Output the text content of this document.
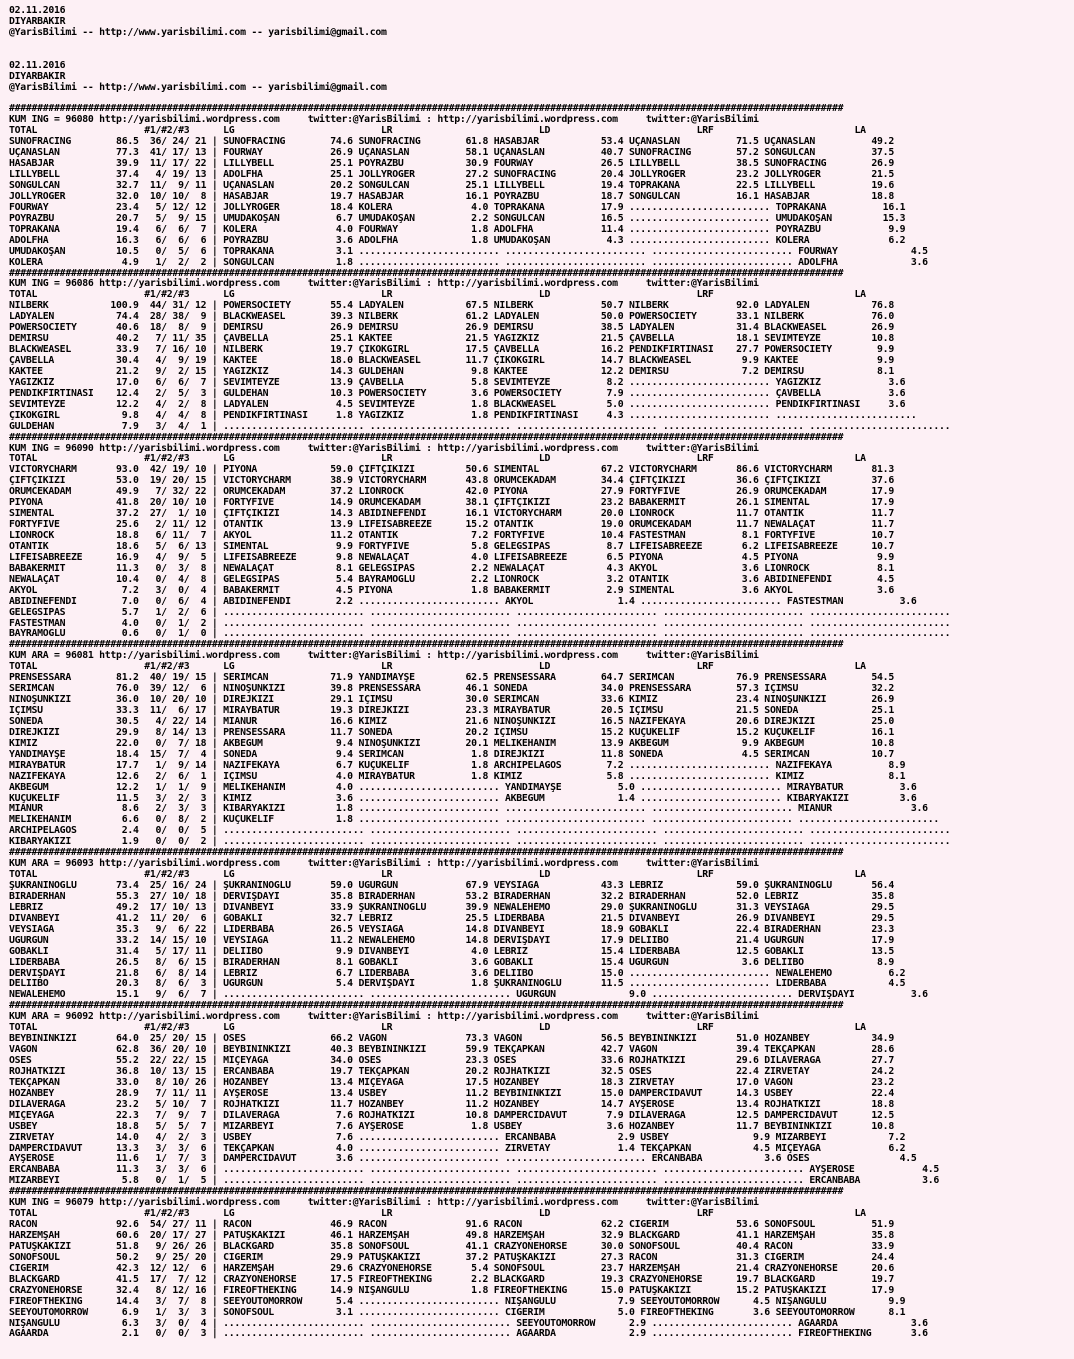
02.11.2016
DIYARBAKIR
@YarisBilimi -- http://www.yarisbilimi.com -- yarisbilimi@gmail.com

02.11.2016
DIYARBAKIR
@YarisBilimi -- http://www.yarisbilimi.com -- yarisbilimi@gmail.com

####################################################################################################################################################
KUM ING = 96080 http://yarisbilimi.wordpress.com     twitter:@YarisBilimi : http://yarisbilimi.wordpress.com     twitter:@YarisBilimi
TOTAL                   #1/#2/#3      LG                          LR                          LD                          LRF                         LA
SUNOFRACING        86.5  36/ 24/ 21 | SUNOFRACING        74.6 SUNOFRACING        61.8 HASABJAR           53.4 UÇANASLAN          71.5 UÇANASLAN          49.2
UÇANASLAN          77.3  41/ 17/ 13 | FOURWAY            26.9 UÇANASLAN          58.1 UÇANASLAN          40.7 SUNOFRACING        57.2 SONGULCAN          37.5
HASABJAR           39.9  11/ 17/ 22 | LILLYBELL          25.1 POYRAZBU           30.9 FOURWAY            26.5 LILLYBELL          38.5 SUNOFRACING        26.9
LILLYBELL          37.4   4/ 19/ 13 | ADOLFHA            25.1 JOLLYROGER         27.2 SUNOFRACING        20.4 JOLLYROGER         23.2 JOLLYROGER         21.5
SONGULCAN          32.7  11/  9/ 11 | UÇANASLAN          20.2 SONGULCAN          25.1 LILLYBELL          19.4 TOPRAKANA          22.5 LILLYBELL          19.6
JOLLYROGER         32.0  10/ 10/  8 | HASABJAR           19.7 HASABJAR           16.1 POYRAZBU           18.7 SONGULCAN          16.1 HASABJAR           18.8
FOURWAY            23.4   5/ 12/ 12 | JOLLYROGER         18.4 KOLERA              4.0 TOPRAKANA          17.9 ......................... TOPRAKANA          16.1
POYRAZBU           20.7   5/  9/ 15 | UMUDAKOŞAN          6.7 UMUDAKOŞAN          2.2 SONGULCAN          16.5 ......................... UMUDAKOŞAN         15.3
TOPRAKANA          19.4   6/  6/  7 | KOLERA              4.0 FOURWAY             1.8 ADOLFHA            11.4 ......................... POYRAZBU            9.9
ADOLFHA            16.3   6/  6/  6 | POYRAZBU            3.6 ADOLFHA             1.8 UMUDAKOŞAN          4.3 ......................... KOLERA              6.2
UMUDAKOŞAN         10.5   0/  5/  6 | TOPRAKANA           3.1 ......................... ......................... ......................... FOURWAY             4.5
KOLERA              4.9   1/  2/  2 | SONGULCAN           1.8 ......................... ......................... ......................... ADOLFHA             3.6
####################################################################################################################################################
KUM ING = 96086 http://yarisbilimi.wordpress.com     twitter:@YarisBilimi : http://yarisbilimi.wordpress.com     twitter:@YarisBilimi
TOTAL                   #1/#2/#3      LG                          LR                          LD                          LRF                         LA
NILBERK           100.9  44/ 31/ 12 | POWERSOCIETY       55.4 LADYALEN           67.5 NILBERK            50.7 NILBERK            92.0 LADYALEN           76.8
LADYALEN           74.4  28/ 38/  9 | BLACKWEASEL        39.3 NILBERK            61.2 LADYALEN           50.0 POWERSOCIETY       33.1 NILBERK            76.0
POWERSOCIETY       40.6  18/  8/  9 | DEMIRSU            26.9 DEMIRSU            26.9 DEMIRSU            38.5 LADYALEN           31.4 BLACKWEASEL        26.9
DEMIRSU            40.2   7/ 11/ 35 | ÇAVBELLA           25.1 KAKTEE             21.5 YAGIZKIZ           21.5 ÇAVBELLA           18.1 SEVIMTEYZE         10.8
BLACKWEASEL        33.9   7/ 16/ 10 | NILBERK            19.7 ÇIKOKGIRL          17.5 ÇAVBELLA           16.2 PENDIKFIRTINASI    27.7 POWERSOCIETY        9.9
ÇAVBELLA           30.4   4/  9/ 19 | KAKTEE             18.0 BLACKWEASEL        11.7 ÇIKOKGIRL          14.7 BLACKWEASEL         9.9 KAKTEE              9.9
KAKTEE             21.2   9/  2/ 15 | YAGIZKIZ           14.3 GULDEHAN            9.8 KAKTEE             12.2 DEMIRSU             7.2 DEMIRSU             8.1
YAGIZKIZ           17.0   6/  6/  7 | SEVIMTEYZE         13.9 ÇAVBELLA            5.8 SEVIMTEYZE          8.2 ......................... YAGIZKIZ            3.6
PENDIKFIRTINASI    12.4   2/  5/  3 | GULDEHAN           10.3 POWERSOCIETY        3.6 POWERSOCIETY        7.9 ......................... ÇAVBELLA            3.6
SEVIMTEYZE         12.2   4/  2/  8 | LADYALEN            4.5 SEVIMTEYZE          1.8 BLACKWEASEL         5.0 ......................... PENDIKFIRTINASI     3.6
ÇIKOKGIRL           9.8   4/  4/  8 | PENDIKFIRTINASI     1.8 YAGIZKIZ            1.8 PENDIKFIRTINASI     4.3 ......................... .........................
GULDEHAN            7.9   3/  4/  1 | ......................... ......................... ......................... ......................... .........................
####################################################################################################################################################
KUM ING = 96090 http://yarisbilimi.wordpress.com     twitter:@YarisBilimi : http://yarisbilimi.wordpress.com     twitter:@YarisBilimi
TOTAL                   #1/#2/#3      LG                          LR                          LD                          LRF                         LA
VICTORYCHARM       93.0  42/ 19/ 10 | PIYONA             59.0 ÇIFTÇIKIZI         50.6 SIMENTAL           67.2 VICTORYCHARM       86.6 VICTORYCHARM       81.3
ÇIFTÇIKIZI         53.0  19/ 20/ 15 | VICTORYCHARM       38.9 VICTORYCHARM       43.8 ORUMCEKADAM        34.4 ÇIFTÇIKIZI         36.6 ÇIFTÇIKIZI         37.6
ORUMCEKADAM        49.9   7/ 32/ 22 | ORUMCEKADAM        37.2 LIONROCK           42.0 PIYONA             27.9 FORTYFIVE          26.9 ORUMCEKADAM        17.9
PIYONA             41.8  20/ 10/ 10 | FORTYFIVE          14.9 ORUMCEKADAM        38.1 ÇIFTÇIKIZI         23.2 BABAKERMIT         26.1 SIMENTAL           17.9
SIMENTAL           37.2  27/  1/ 10 | ÇIFTÇIKIZI         14.3 ABIDINEFENDI       16.1 VICTORYCHARM       20.0 LIONROCK           11.7 OTANTIK            11.7
FORTYFIVE          25.6   2/ 11/ 12 | OTANTIK            13.9 LIFEISABREEZE      15.2 OTANTIK            19.0 ORUMCEKADAM        11.7 NEWALAÇAT          11.7
LIONROCK           18.8   6/ 11/  7 | AKYOL              11.2 OTANTIK             7.2 FORTYFIVE          10.4 FASTESTMAN          8.1 FORTYFIVE          10.7
OTANTIK            18.6   5/  6/ 13 | SIMENTAL            9.9 FORTYFIVE           5.8 GELEGSIPAS          8.7 LIFEISABREEZE       6.2 LIFEISABREEZE      10.7
LIFEISABREEZE      16.9   4/  9/  5 | LIFEISABREEZE       9.8 NEWALAÇAT           4.0 LIFEISABREEZE       6.5 PIYONA              4.5 PIYONA              9.9
BABAKERMIT         11.3   0/  3/  8 | NEWALAÇAT           8.1 GELEGSIPAS          2.2 NEWALAÇAT           4.3 AKYOL               3.6 LIONROCK            8.1
NEWALAÇAT          10.4   0/  4/  8 | GELEGSIPAS          5.4 BAYRAMOGLU          2.2 LIONROCK            3.2 OTANTIK             3.6 ABIDINEFENDI        4.5
AKYOL               7.2   3/  0/  4 | BABAKERMIT          4.5 PIYONA              1.8 BABAKERMIT          2.9 SIMENTAL            3.6 AKYOL               3.6
ABIDINEFENDI        7.0   0/  6/  4 | ABIDINEFENDI        2.2 ......................... AKYOL               1.4 ......................... FASTESTMAN          3.6
GELEGSIPAS          5.7   1/  2/  6 | ......................... ......................... ......................... ......................... .........................
FASTESTMAN          4.0   0/  1/  2 | ......................... ......................... ......................... ......................... .........................
BAYRAMOGLU          0.6   0/  1/  0 | ......................... ......................... ......................... ......................... .........................
####################################################################################################################################################
KUM ARA = 96081 http://yarisbilimi.wordpress.com     twitter:@YarisBilimi : http://yarisbilimi.wordpress.com     twitter:@YarisBilimi
TOTAL                   #1/#2/#3      LG                          LR                          LD                          LRF                         LA
PRENSESSARA        81.2  40/ 19/ 15 | SERIMCAN           71.9 YANDIMAYŞE         62.5 PRENSESSARA        64.7 SERIMCAN           76.9 PRENSESSARA        54.5
SERIMCAN           76.0  39/ 12/  6 | NINOŞUNKIZI        39.8 PRENSESSARA        46.1 SONEDA             34.0 PRENSESSARA        57.3 IÇIMSU             32.2
NINOŞUNKIZI        36.0  10/ 20/ 10 | DIREJKIZI          29.1 IÇIMSU             30.0 SERIMCAN           33.6 KIMIZ              23.4 NINOŞUNKIZI        26.9
IÇIMSU             33.3  11/  6/ 17 | MIRAYBATUR         19.3 DIREJKIZI          23.3 MIRAYBATUR         20.5 IÇIMSU             21.5 SONEDA             25.1
SONEDA             30.5   4/ 22/ 14 | MIANUR             16.6 KIMIZ              21.6 NINOŞUNKIZI        16.5 NAZIFEKAYA         20.6 DIREJKIZI          25.0
DIREJKIZI          29.9   8/ 14/ 13 | PRENSESSARA        11.7 SONEDA             20.2 IÇIMSU             15.2 KUÇUKELIF          15.2 KUÇUKELIF          16.1
KIMIZ              22.0   0/  7/ 18 | AKBEGUM             9.4 NINOŞUNKIZI        20.1 MELIKEHANIM        13.9 AKBEGUM             9.9 AKBEGUM            10.8
YANDIMAYŞE         18.4  15/  7/  4 | SONEDA              9.4 SERIMCAN            1.8 DIREJKIZI          11.8 SONEDA              4.5 SERIMCAN           10.7
MIRAYBATUR         17.7   1/  9/ 14 | NAZIFEKAYA          6.7 KUÇUKELIF           1.8 ARCHIPELAGOS        7.2 ......................... NAZIFEKAYA          8.9
NAZIFEKAYA         12.6   2/  6/  1 | IÇIMSU              4.0 MIRAYBATUR          1.8 KIMIZ               5.8 ......................... KIMIZ               8.1
AKBEGUM            12.2   1/  1/  9 | MELIKEHANIM         4.0 ......................... YANDIMAYŞE          5.0 ......................... MIRAYBATUR          3.6
KUÇUKELIF          11.5   3/  2/  3 | KIMIZ               3.6 ......................... AKBEGUM             1.4 ......................... KIBARYAKIZI         3.6
MIANUR              8.6   2/  3/  3 | KIBARYAKIZI         1.8 ......................... ......................... ......................... MIANUR              3.6
MELIKEHANIM         6.6   0/  8/  2 | KUÇUKELIF           1.8 ......................... ......................... ......................... .........................
ARCHIPELAGOS        2.4   0/  0/  5 | ......................... ......................... ......................... ......................... .........................
KIBARYAKIZI         1.9   0/  0/  2 | ......................... ......................... ......................... ......................... .........................
####################################################################################################################################################
KUM ARA = 96093 http://yarisbilimi.wordpress.com     twitter:@YarisBilimi : http://yarisbilimi.wordpress.com     twitter:@YarisBilimi
TOTAL                   #1/#2/#3      LG                          LR                          LD                          LRF                         LA
ŞUKRANINOGLU       73.4  25/ 16/ 24 | ŞUKRANINOGLU       59.0 UGURGUN            67.9 VEYSIAGA           43.3 LEBRIZ             59.0 ŞUKRANINOGLU       56.4
BIRADERHAN         55.3  27/ 10/ 18 | DERVIŞDAYI         35.8 BIRADERHAN         53.2 BIRADERHAN         32.2 BIRADERHAN         52.0 LEBRIZ             35.8
LEBRIZ             49.2  17/ 10/ 13 | DIVANBEYI          33.9 ŞUKRANINOGLU       39.9 NEWALEHEMO         29.0 ŞUKRANINOGLU       31.3 VEYSIAGA           29.5
DIVANBEYI          41.2  11/ 20/  6 | GOBAKLI            32.7 LEBRIZ             25.5 LIDERBABA          21.5 DIVANBEYI          26.9 DIVANBEYI          29.5
VEYSIAGA           35.3   9/  6/ 22 | LIDERBABA          26.5 VEYSIAGA           14.8 DIVANBEYI          18.9 GOBAKLI            22.4 BIRADERHAN         23.3
UGURGUN            33.2  14/ 15/ 10 | VEYSIAGA           11.2 NEWALEHEMO         14.8 DERVIŞDAYI         17.9 DELIIBO            21.4 UGURGUN            17.9
GOBAKLI            31.4   5/ 17/ 11 | DELIIBO             9.9 DIVANBEYI           4.0 LEBRIZ             15.4 LIDERBABA          12.5 GOBAKLI            13.5
LIDERBABA          26.5   8/  6/ 15 | BIRADERHAN          8.1 GOBAKLI             3.6 GOBAKLI            15.4 UGURGUN             3.6 DELIIBO             8.9
DERVIŞDAYI         21.8   6/  8/ 14 | LEBRIZ              6.7 LIDERBABA           3.6 DELIIBO            15.0 ......................... NEWALEHEMO          6.2
DELIIBO            20.3   8/  6/  3 | UGURGUN             5.4 DERVIŞDAYI          1.8 ŞUKRANINOGLU       11.5 ......................... LIDERBABA           4.5
NEWALEHEMO         15.1   9/  6/  7 | ......................... ......................... UGURGUN             9.0 ......................... DERVIŞDAYI          3.6
####################################################################################################################################################
KUM ARA = 96092 http://yarisbilimi.wordpress.com     twitter:@YarisBilimi : http://yarisbilimi.wordpress.com     twitter:@YarisBilimi
TOTAL                   #1/#2/#3      LG                          LR                          LD                          LRF                         LA
BEYBININKIZI       64.0  25/ 20/ 15 | OSES               66.2 VAGON              73.3 VAGON              56.5 BEYBININKIZI       51.0 HOZANBEY           34.9
VAGON              62.8  36/ 20/ 10 | BEYBININKIZI       40.3 BEYBININKIZI       59.9 TEKÇAPKAN          42.7 VAGON              39.4 TEKÇAPKAN          28.6
OSES               55.2  22/ 22/ 15 | MIÇEYAGA           34.0 OSES               23.3 OSES               33.6 ROJHATKIZI         29.6 DILAVERAGA         27.7
ROJHATKIZI         36.8  10/ 13/ 15 | ERCANBABA          19.7 TEKÇAPKAN          20.2 ROJHATKIZI         32.5 OSES               22.4 ZIRVETAY           24.2
TEKÇAPKAN          33.0   8/ 10/ 26 | HOZANBEY           13.4 MIÇEYAGA           17.5 HOZANBEY           18.3 ZIRVETAY           17.0 VAGON              23.2
HOZANBEY           28.9   7/ 11/ 11 | AYŞEROSE           13.4 USBEY              11.2 BEYBININKIZI       15.0 DAMPERCIDAVUT      14.3 USBEY              22.4
DILAVERAGA         23.2   5/ 10/  7 | ROJHATKIZI         11.7 HOZANBEY           11.2 HOZANBEY           14.7 AYŞEROSE           13.4 ROJHATKIZI         18.8
MIÇEYAGA           22.3   7/  9/  7 | DILAVERAGA          7.6 ROJHATKIZI         10.8 DAMPERCIDAVUT       7.9 DILAVERAGA         12.5 DAMPERCIDAVUT      12.5
USBEY              18.8   5/  5/  7 | MIZARBEYI           7.6 AYŞEROSE            1.8 USBEY               3.6 HOZANBEY           11.7 BEYBININKIZI       10.8
ZIRVETAY           14.0   4/  2/  3 | USBEY               7.6 ......................... ERCANBABA           2.9 USBEY               9.9 MIZARBEYI           7.2
DAMPERCIDAVUT      13.3   3/  3/  6 | TEKÇAPKAN           4.0 ......................... ZIRVETAY            1.4 TEKÇAPKAN           4.5 MIÇEYAGA            6.2
AYŞEROSE           11.6   1/  7/  3 | DAMPERCIDAVUT       3.6 ......................... ......................... ERCANBABA           3.6 OSES                4.5
ERCANBABA          11.3   3/  3/  6 | ......................... ......................... ......................... ......................... AYŞEROSE            4.5
MIZARBEYI           5.8   0/  1/  5 | ......................... ......................... ......................... ......................... ERCANBABA           3.6
####################################################################################################################################################
KUM ING = 96079 http://yarisbilimi.wordpress.com     twitter:@YarisBilimi : http://yarisbilimi.wordpress.com     twitter:@YarisBilimi
TOTAL                   #1/#2/#3      LG                          LR                          LD                          LRF                         LA
RACON              92.6  54/ 27/ 11 | RACON              46.9 RACON              91.6 RACON              62.2 CIGERIM            53.6 SONOFSOUL          51.9
HARZEMŞAH          60.6  20/ 17/ 27 | PATUŞKAKIZI        46.1 HARZEMŞAH          49.8 HARZEMŞAH          32.9 BLACKGARD          41.1 HARZEMŞAH          35.8
PATUŞKAKIZI        51.8   9/ 26/ 26 | BLACKGARD          35.8 SONOFSOUL          41.1 CRAZYONEHORSE      30.0 SONOFSOUL          40.4 RACON              33.9
SONOFSOUL          50.2   9/ 25/ 20 | CIGERIM            29.9 PATUŞKAKIZI        37.2 PATUŞKAKIZI        27.3 RACON              31.3 CIGERIM            24.4
CIGERIM            42.3  12/ 12/  6 | HARZEMŞAH          29.6 CRAZYONEHORSE       5.4 SONOFSOUL          23.7 HARZEMŞAH          21.4 CRAZYONEHORSE      20.6
BLACKGARD          41.5  17/  7/ 12 | CRAZYONEHORSE      17.5 FIREOFTHEKING       2.2 BLACKGARD          19.3 CRAZYONEHORSE      19.7 BLACKGARD          19.7
CRAZYONEHORSE      32.4   8/ 12/ 16 | FIREOFTHEKING      14.9 NIŞANGULU           1.8 FIREOFTHEKING      15.0 PATUŞKAKIZI        15.2 PATUŞKAKIZI        17.9
FIREOFTHEKING      14.4   3/  7/  8 | SEEYOUTOMORROW      5.4 ......................... NIŞANGULU           7.9 SEEYOUTOMORROW      4.5 NIŞANGULU           9.9
SEEYOUTOMORROW      6.9   1/  3/  3 | SONOFSOUL           3.1 ......................... CIGERIM             5.0 FIREOFTHEKING       3.6 SEEYOUTOMORROW      8.1
NIŞANGULU           6.3   3/  0/  4 | ......................... ......................... SEEYOUTOMORROW      2.9 ......................... AGAARDA             3.6
AGAARDA             2.1   0/  0/  3 | ......................... ......................... AGAARDA             2.9 ......................... FIREOFTHEKING       3.6
